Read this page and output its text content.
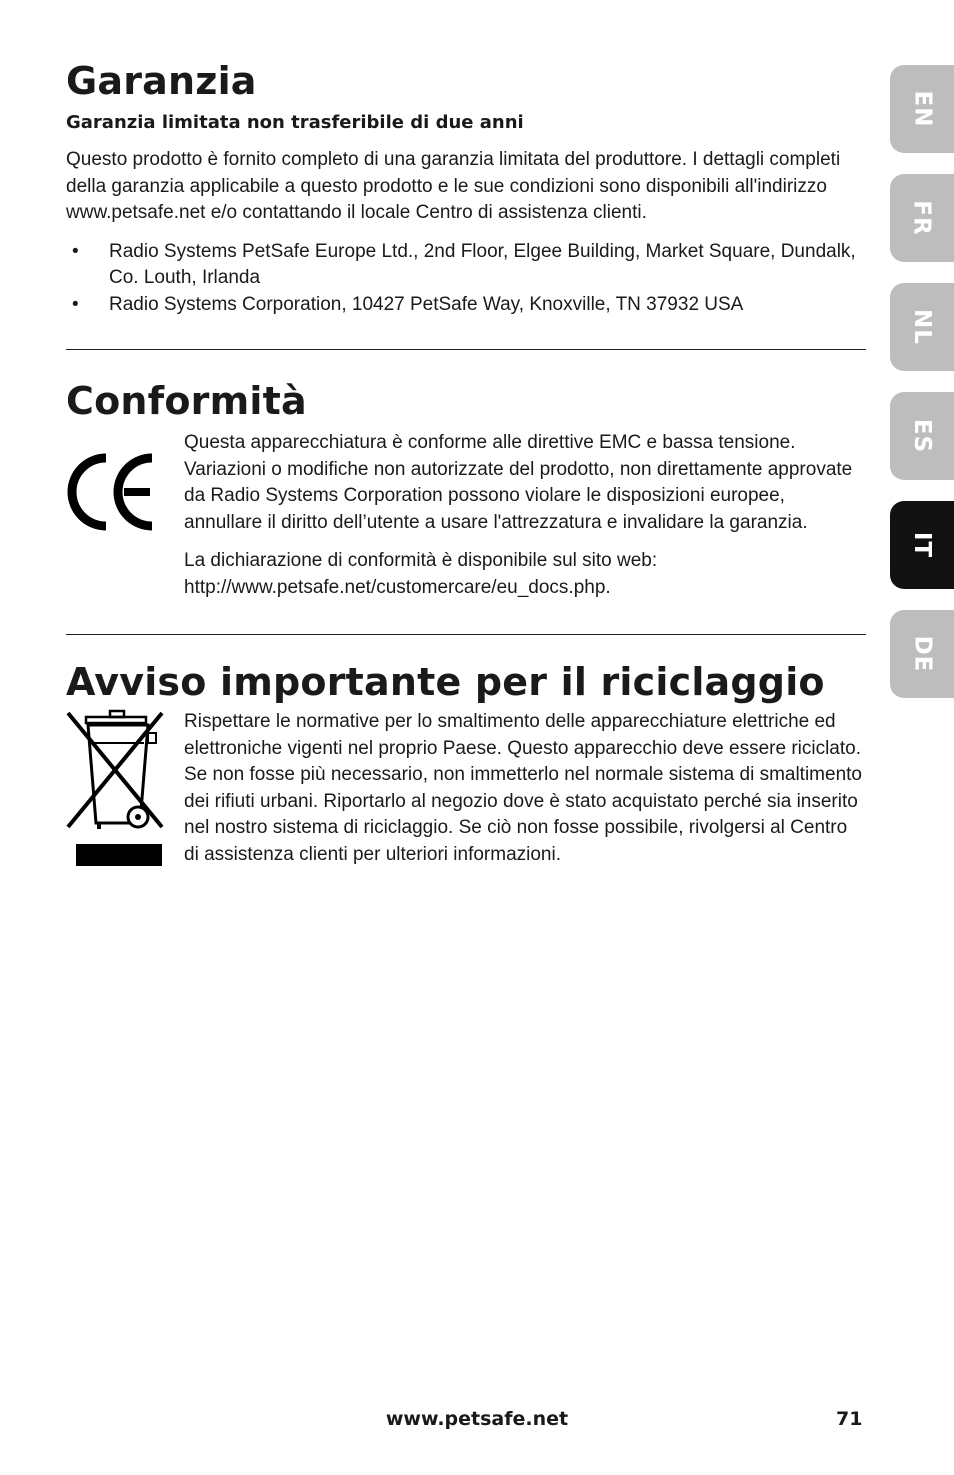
Garanzia
Garanzia limitata non trasferibile di due anni

Questo prodotto è fornito completo di una garanzia limitata del produttore. I dettagli completi della garanzia applicabile a questo prodotto e le sue condizioni sono disponibili all'indirizzo www.petsafe.net e/o contattando il locale Centro di assistenza clienti.

• Radio Systems PetSafe Europe Ltd., 2nd Floor, Elgee Building, Market Square, Dundalk, Co. Louth, Irlanda
• Radio Systems Corporation, 10427 PetSafe Way, Knoxville, TN 37932 USA
Conformità

Questa apparecchiatura è conforme alle direttive EMC e bassa tensione. Variazioni o modifiche non autorizzate del prodotto, non direttamente approvate da Radio Systems Corporation possono violare le disposizioni europee, annullare il diritto dell’utente a usare l'attrezzatura e invalidare la garanzia.

La dichiarazione di conformità è disponibile sul sito web:
http://www.petsafe.net/customercare/eu_docs.php.

Avviso importante per il riciclaggio

Rispettare le normative per lo smaltimento delle apparecchiature elettriche ed elettroniche vigenti nel proprio Paese. Questo apparecchio deve essere riciclato. Se non fosse più necessario, non immetterlo nel normale sistema di smaltimento dei rifiuti urbani. Riportarlo al negozio dove è stato acquistato perché sia inserito nel nostro sistema di riciclaggio. Se ciò non fosse possibile, rivolgersi al Centro di assistenza clienti per ulteriori informazioni.

EN
FR
NL
ES
IT
DE
www.petsafe.net	71
